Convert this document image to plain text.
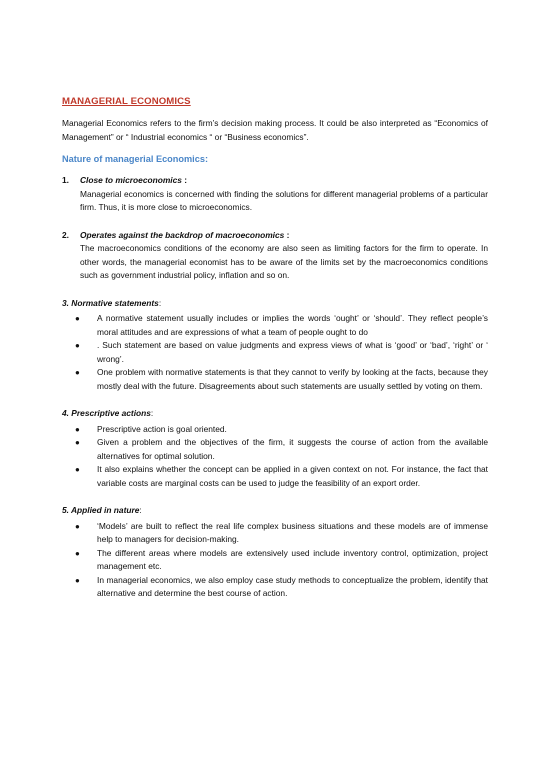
MANAGERIAL ECONOMICS

Managerial Economics refers to the firm’s decision making process. It could be also interpreted as “Economics of Management” or “ Industrial economics “ or “Business economics”.

Nature of managerial Economics:

1. Close to microeconomics :

Managerial economics is concerned with finding the solutions for different managerial problems of a particular firm. Thus, it is more close to microeconomics.

2. Operates against the backdrop of macroeconomics :

The macroeconomics conditions of the economy are also seen as limiting factors for the firm to operate. In other words, the managerial economist has to be aware of the limits set by the macroeconomics conditions such as government industrial policy, inflation and so on.

3. Normative statements:

● A normative statement usually includes or implies the words ‘ought’ or ‘should’. They reflect people’s moral attitudes and are expressions of what a team of people ought to do
● . Such statement are based on value judgments and express views of what is ‘good’ or ‘bad’, ‘right’ or ‘ wrong’.
● One problem with normative statements is that they cannot to verify by looking at the facts, because they mostly deal with the future. Disagreements about such statements are usually settled by voting on them.

4. Prescriptive actions:

● Prescriptive action is goal oriented.
● Given a problem and the objectives of the firm, it suggests the course of action from the available alternatives for optimal solution.
● It also explains whether the concept can be applied in a given context on not. For instance, the fact that variable costs are marginal costs can be used to judge the feasibility of an export order.

5. Applied in nature:

● ‘Models’ are built to reflect the real life complex business situations and these models are of immense help to managers for decision-making.
● The different areas where models are extensively used include inventory control, optimization, project management etc.
● In managerial economics, we also employ case study methods to conceptualize the problem, identify that alternative and determine the best course of action.
